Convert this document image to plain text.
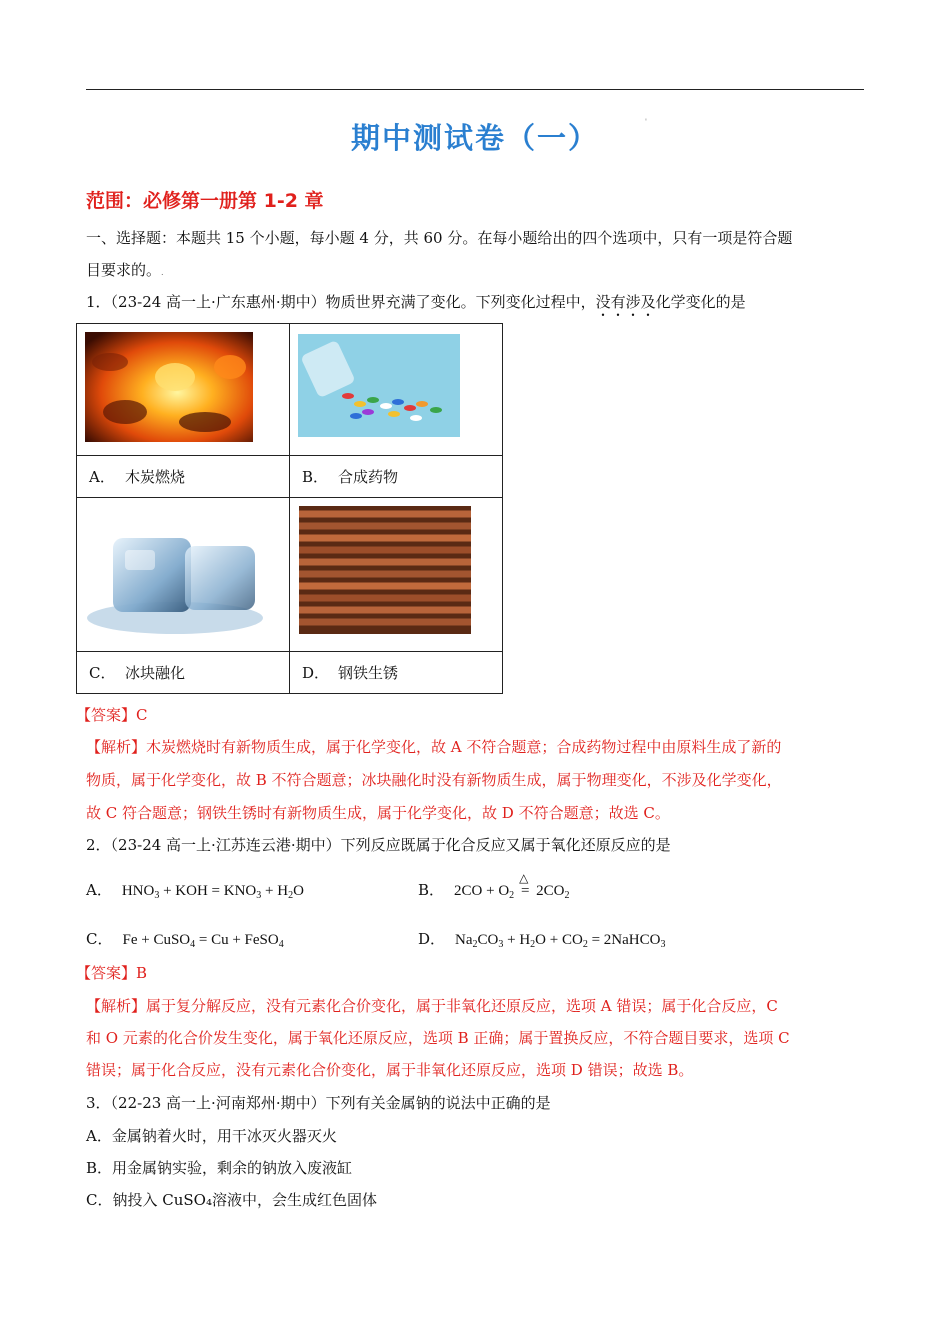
期中测试卷（一）	'
范围：必修第一册第 1-2 章
一、选择题：本题共 15 个小题，每小题 4 分，共 60 分。在每小题给出的四个选项中，只有一项是符合题
目要求的。.
1．（23-24 高一上·广东惠州·期中）物质世界充满了变化。下列变化过程中，没有涉及化学变化的是

A． 木炭燃烧	B． 合成药物

C． 冰块融化	D． 钢铁生锈
【答案】C
【解析】木炭燃烧时有新物质生成，属于化学变化，故 A 不符合题意；合成药物过程中由原料生成了新的
物质，属于化学变化，故 B 不符合题意；冰块融化时没有新物质生成，属于物理变化，不涉及化学变化，
故 C 符合题意；钢铁生锈时有新物质生成，属于化学变化，故 D 不符合题意；故选 C。
2．（23-24 高一上·江苏连云港·期中）下列反应既属于化合反应又属于氧化还原反应的是
A． $HNO_3$ + KOH = $KNO_3 + H_2O$	B． $2CO + O_2$ =
△
$2CO_2$
C． Fe + CuSO$_4$ = Cu + FeSO$_4$	D． $Na_2CO_3 + H_2O + CO_2$ = 2NaHCO$_3$
【答案】B
【解析】属于复分解反应，没有元素化合价变化，属于非氧化还原反应，选项 A 错误；属于化合反应，C
和 O 元素的化合价发生变化，属于氧化还原反应，选项 B 正确；属于置换反应，不符合题目要求，选项 C
错误；属于化合反应，没有元素化合价变化，属于非氧化还原反应，选项 D 错误；故选 B。
3．（22-23 高一上·河南郑州·期中）下列有关金属钠的说法中正确的是
A．金属钠着火时，用干冰灭火器灭火
B．用金属钠实验，剩余的钠放入废液缸
C．钠投入 CuSO₄溶液中，会生成红色固体
